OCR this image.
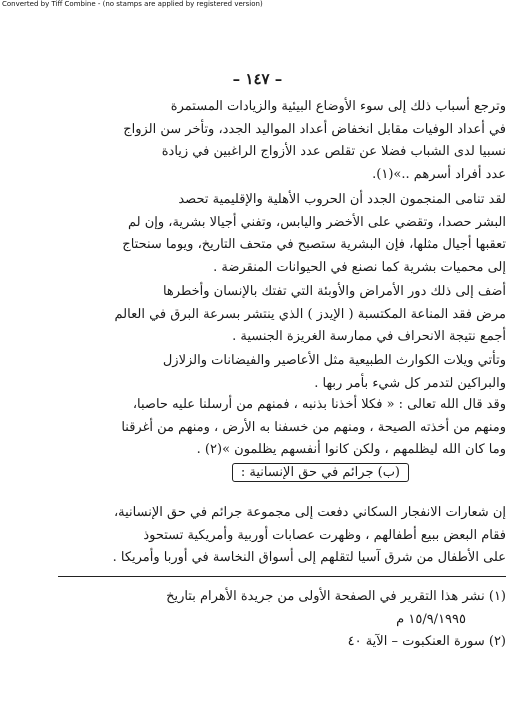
Converted by Tiff Combine - (no stamps are applied by registered version)
– ١٤٧ –
وترجع أسباب ذلك إلى سوء الأوضاع البيئية والزيادات المستمرة
في أعداد الوفيات مقابل انخفاض أعداد المواليد الجدد، وتأخر سن الزواج
نسبيا لدى الشباب فضلا عن تقلص عدد الأزواج الراغبين في زيادة
عدد أفراد أسرهم ..»(١).
لقد تنامى المنجمون الجدد أن الحروب الأهلية والإقليمية تحصد
البشر حصدا، وتقضي على الأخضر واليابس، وتفني أجيالا بشرية، وإن لم
تعقبها أجيال مثلها، فإن البشرية ستصبح في متحف التاريخ، ويوما سنحتاج
إلى محميات بشرية كما نصنع في الحيوانات المنقرضة .
أضف إلى ذلك دور الأمراض والأوبئة التي تفتك بالإنسان وأخطرها
مرض فقد المناعة المكتسبة ( الإيدز ) الذي ينتشر بسرعة البرق في العالم
أجمع نتيجة الانحراف في ممارسة الغريزة الجنسية .
وتأتي ويلات الكوارث الطبيعية مثل الأعاصير والفيضانات والزلازل
والبراكين لتدمر كل شيء بأمر ربها .
وقد قال الله تعالى : « فكلا أخذنا بذنبه ، فمنهم من أرسلنا عليه حاصبا،
ومنهم من أخذته الصيحة ، ومنهم من خسفنا به الأرض ، ومنهم من أغرقنا
وما كان الله ليظلمهم ، ولكن كانوا أنفسهم يظلمون »(٢) .
(ب) جرائم في حق الإنسانية :
إن شعارات الانفجار السكاني دفعت إلى مجموعة جرائم في حق الإنسانية،
فقام البعض ببيع أطفالهم ، وظهرت عصابات أوربية وأمريكية تستحوذ
على الأطفال من شرق آسيا لتقلهم إلى أسواق النخاسة في أوربا وأمريكا .
(١) نشر هذا التقرير في الصفحة الأولى من جريدة الأهرام بتاريخ
١٥/٩/١٩٩٥ م
(٢) سورة العنكبوت – الآية ٤٠
